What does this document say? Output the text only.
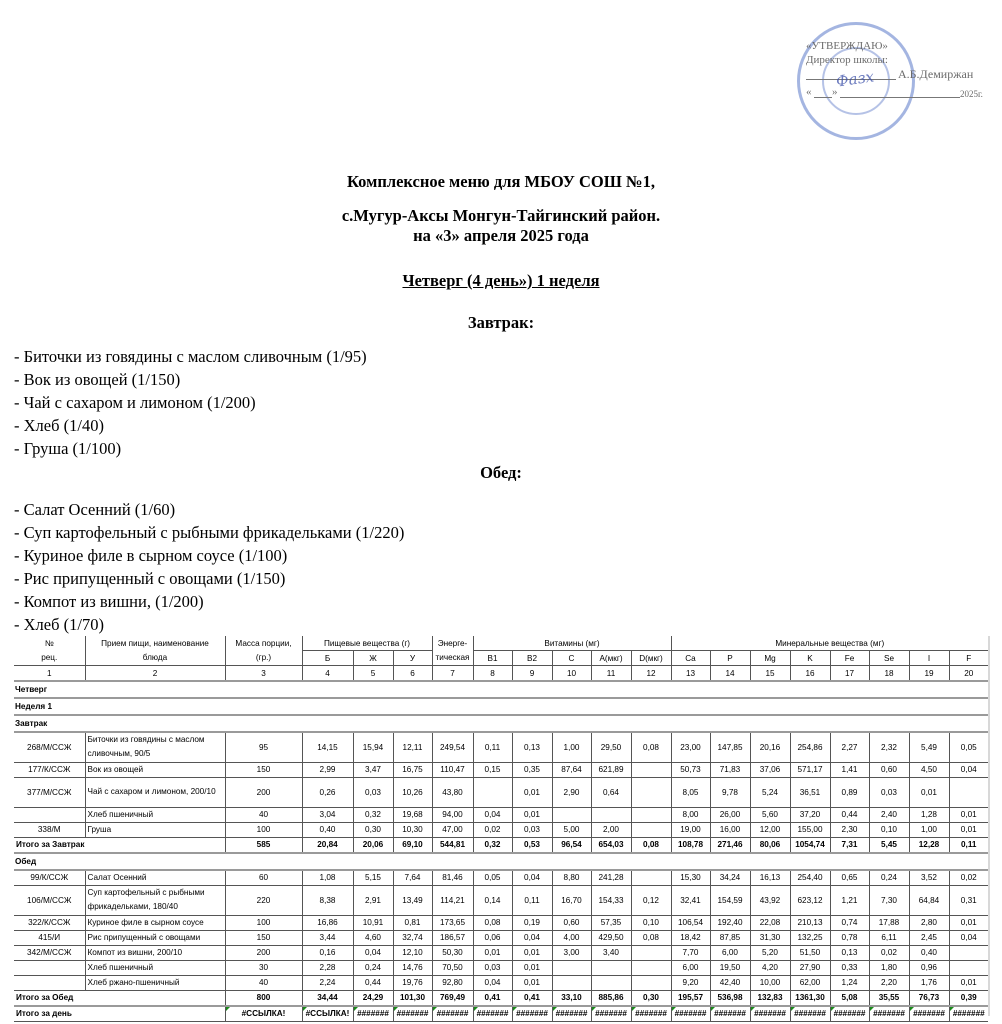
«УТВЕРЖДАЮ»
Директор школы:
Фазх А.Б.Демиржан
« »	2025г.
Комплексное меню для МБОУ СОШ №1,
с.Мугур-Аксы Монгун-Тайгинский район.
на «3» апреля 2025 года
Четверг (4 день») 1 неделя
Завтрак:
- Биточки из говядины с маслом сливочным (1/95)
- Вок из овощей (1/150)
- Чай с сахаром и лимоном (1/200)
- Хлеб (1/40)
- Груша (1/100)
Обед:
- Салат Осенний (1/60)
- Суп картофельный с рыбными фрикадельками (1/220)
- Куриное филе в сырном соусе (1/100)
- Рис припущенный с овощами (1/150)
- Компот из вишни, (1/200)
- Хлеб (1/70)
№	Прием пищи, наименование	Масса порции,	Пищевые вещества (г)			Энерге-	Витамины (мг)					Минеральные вещества (мг)							
рец.	блюда	(гр.)	Б	Ж	У	тическая	B1	B2	C	A(мкг)	D(мкг)	Ca	P	Mg	K	Fe	Se	I	F
1	2	3	4	5	6	7	8	9	10	11	12	13	14	15	16	17	18	19	20
Четверг																			
Неделя 1																			
Завтрак																			
268/М/ССЖ	Биточки из говядины с маслом сливочным, 90/5	95	14,15	15,94	12,11	249,54	0,11	0,13	1,00	29,50	0,08	23,00	147,85	20,16	254,86	2,27	2,32	5,49	0,05
177/К/ССЖ	Вок из овощей	150	2,99	3,47	16,75	110,47	0,15	0,35	87,64	621,89		50,73	71,83	37,06	571,17	1,41	0,60	4,50	0,04
377/М/ССЖ	Чай с сахаром и лимоном, 200/10	200	0,26	0,03	10,26	43,80		0,01	2,90	0,64		8,05	9,78	5,24	36,51	0,89	0,03	0,01	
	Хлеб пшеничный	40	3,04	0,32	19,68	94,00	0,04	0,01				8,00	26,00	5,60	37,20	0,44	2,40	1,28	0,01
338/М	Груша	100	0,40	0,30	10,30	47,00	0,02	0,03	5,00	2,00		19,00	16,00	12,00	155,00	2,30	0,10	1,00	0,01
Итого за Завтрак		585	20,84	20,06	69,10	544,81	0,32	0,53	96,54	654,03	0,08	108,78	271,46	80,06	1054,74	7,31	5,45	12,28	0,11
Обед																			
99/К/ССЖ	Салат Осенний	60	1,08	5,15	7,64	81,46	0,05	0,04	8,80	241,28		15,30	34,24	16,13	254,40	0,65	0,24	3,52	0,02
106/М/ССЖ	Суп картофельный с рыбными фрикадельками, 180/40	220	8,38	2,91	13,49	114,21	0,14	0,11	16,70	154,33	0,12	32,41	154,59	43,92	623,12	1,21	7,30	64,84	0,31
322/К/ССЖ	Куриное филе в сырном соусе	100	16,86	10,91	0,81	173,65	0,08	0,19	0,60	57,35	0,10	106,54	192,40	22,08	210,13	0,74	17,88	2,80	0,01
415/И	Рис припущенный с овощами	150	3,44	4,60	32,74	186,57	0,06	0,04	4,00	429,50	0,08	18,42	87,85	31,30	132,25	0,78	6,11	2,45	0,04
342/М/ССЖ	Компот из вишни, 200/10	200	0,16	0,04	12,10	50,30	0,01	0,01	3,00	3,40		7,70	6,00	5,20	51,50	0,13	0,02	0,40	
	Хлеб пшеничный	30	2,28	0,24	14,76	70,50	0,03	0,01				6,00	19,50	4,20	27,90	0,33	1,80	0,96	
	Хлеб ржано-пшеничный	40	2,24	0,44	19,76	92,80	0,04	0,01				9,20	42,40	10,00	62,00	1,24	2,20	1,76	0,01
Итого за Обед		800	34,44	24,29	101,30	769,49	0,41	0,41	33,10	885,86	0,30	195,57	536,98	132,83	1361,30	5,08	35,55	76,73	0,39
Итого за день		#ССЫЛКА!	#ССЫЛКА!	#######	#######	#######	#######	#######	#######	#######	#######	#######	#######	#######	#######	#######	#######	#######	#######
